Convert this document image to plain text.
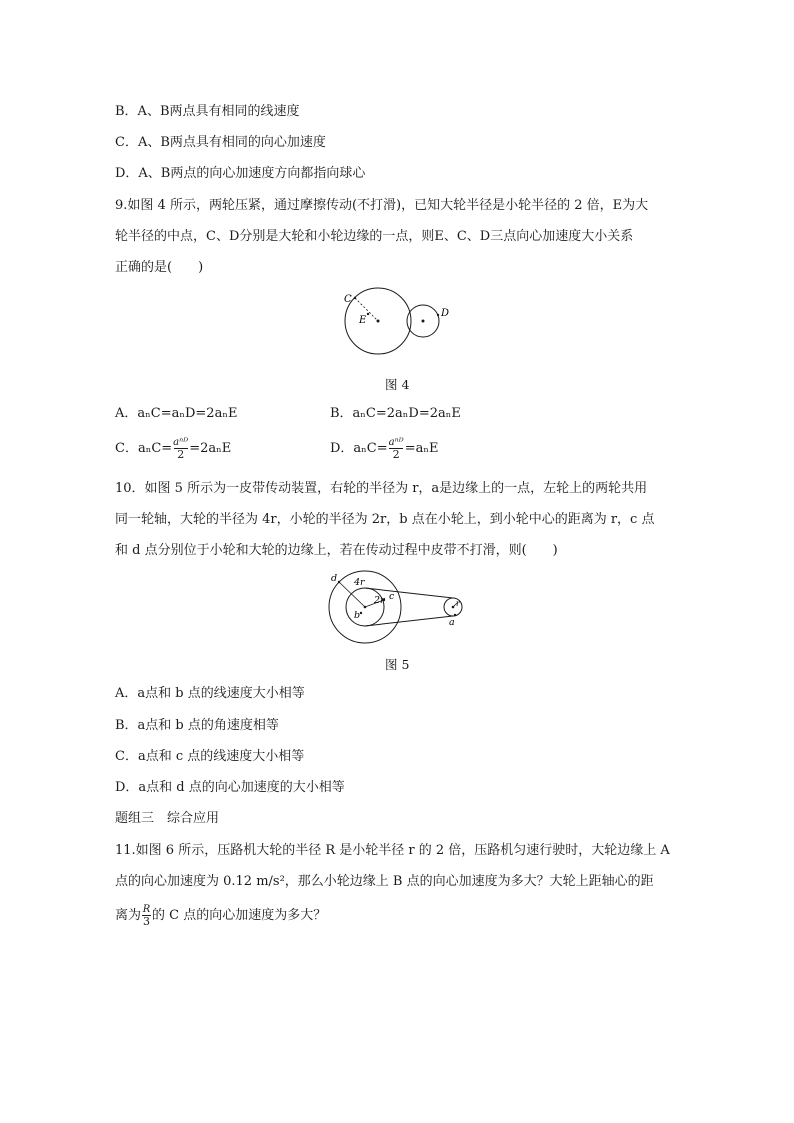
B．A、B两点具有相同的线速度
C．A、B两点具有相同的向心加速度
D．A、B两点的向心加速度方向都指向球心
9.如图 4 所示，两轮压紧，通过摩擦传动(不打滑)，已知大轮半径是小轮半径的 2 倍，E为大
轮半径的中点，C、D分别是大轮和小轮边缘的一点，则E、C、D三点向心加速度大小关系
正确的是(　　)
C
E
D
图 4
A．aₙC=aₙD=2aₙE	B．aₙC=2aₙD=2aₙE
C．$a_nC= \frac{\text{aⁿᴰ}}{2} =2a_nE$	D．$a_nC= \frac{\text{aⁿᴰ}}{2} =a_nE$
10．如图 5 所示为一皮带传动装置，右轮的半径为 r，a是边缘上的一点，左轮上的两轮共用
同一轮轴，大轮的半径为 4r，小轮的半径为 2r，b 点在小轮上，到小轮中心的距离为 r，c 点
和 d 点分别位于小轮和大轮的边缘上，若在传动过程中皮带不打滑，则(　　)
d 4r
2r c
b
r
a
图 5
A．a点和 b 点的线速度大小相等
B．a点和 b 点的角速度相等
C．a点和 c 点的线速度大小相等
D．a点和 d 点的向心加速度的大小相等
题组三　综合应用
11.如图 6 所示，压路机大轮的半径 R 是小轮半径 r 的 2 倍，压路机匀速行驶时，大轮边缘上 A
点的向心加速度为 0.12 m/s²，那么小轮边缘上 B 点的向心加速度为多大？大轮上距轴心的距
离为 $\frac{R}{3}$ 的 C 点的向心加速度为多大？
